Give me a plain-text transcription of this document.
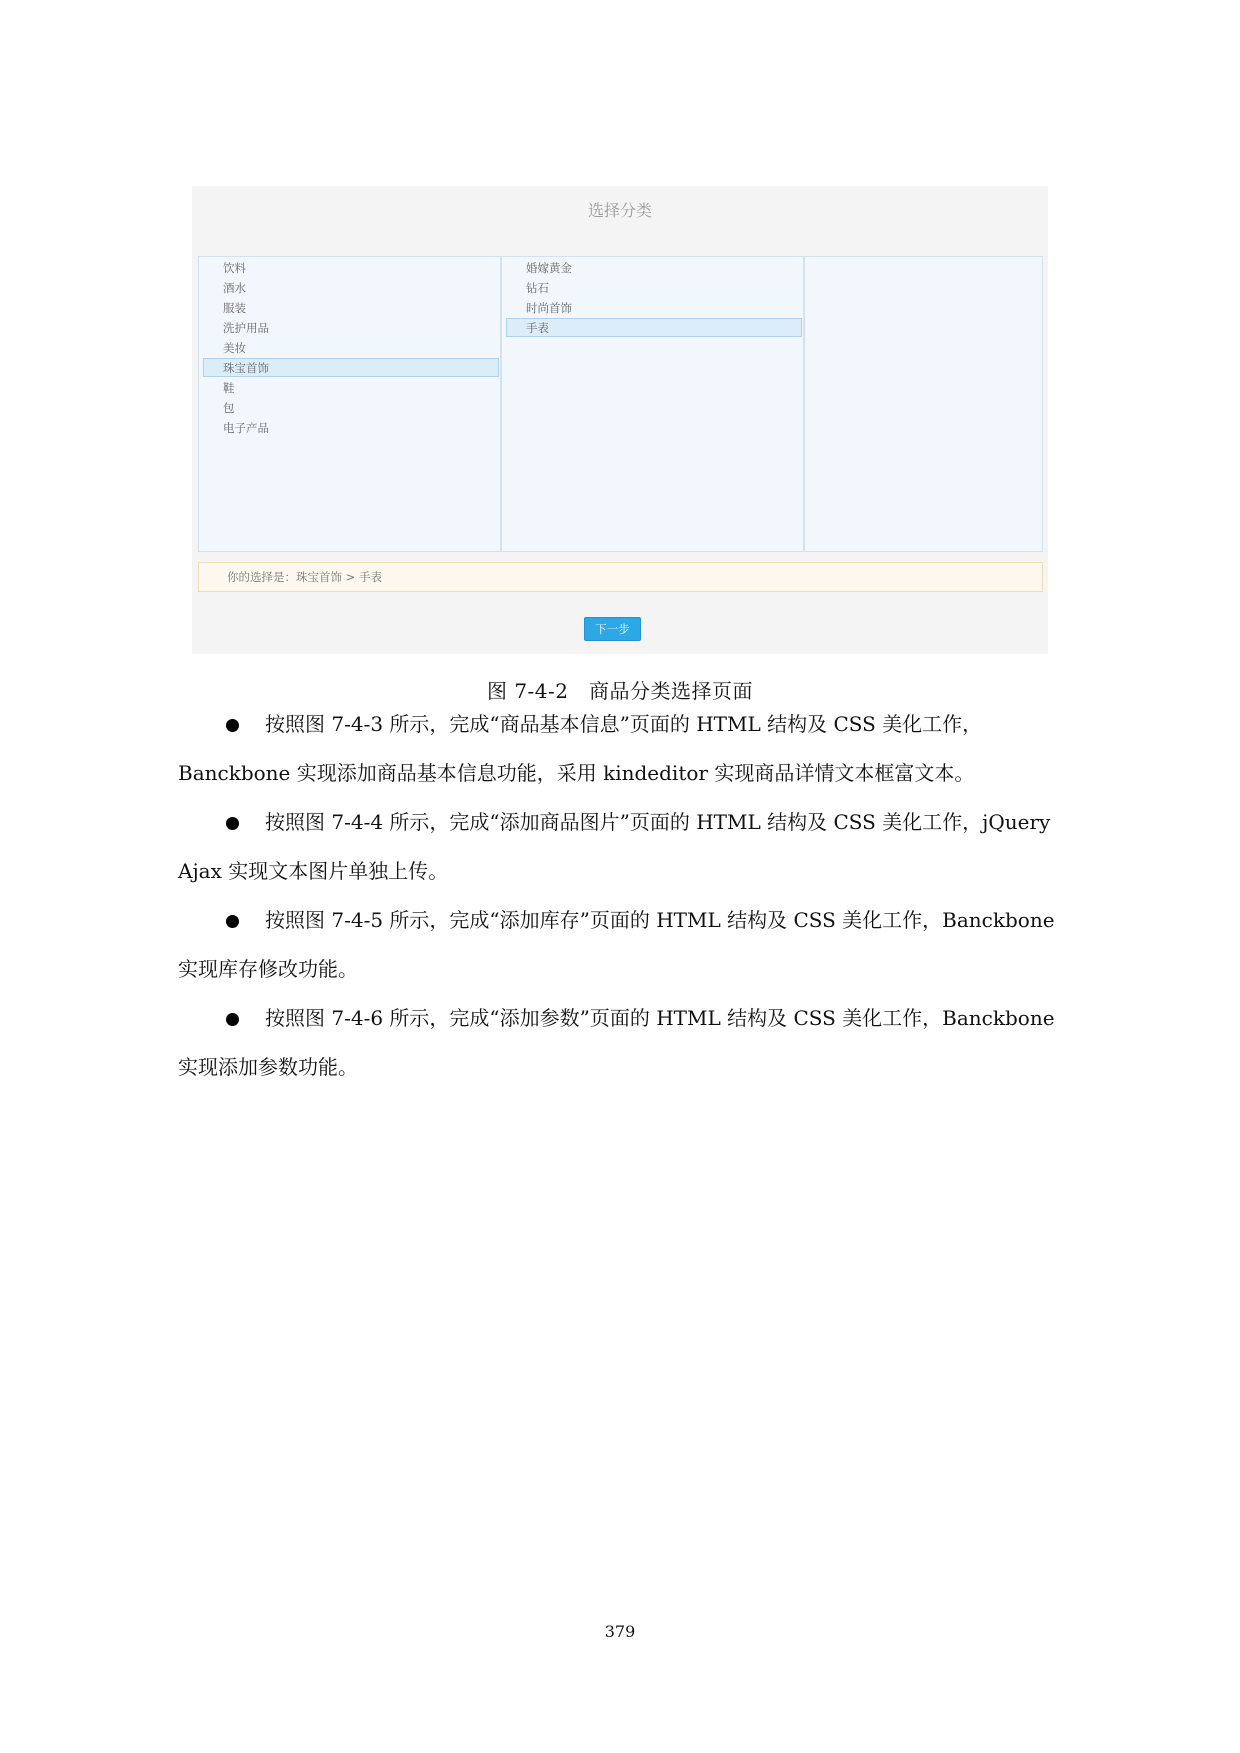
选择分类
饮料
酒水
服装
洗护用品
美妆
珠宝首饰
鞋
包
电子产品
婚嫁黄金
钻石
时尚首饰
手表
你的选择是：珠宝首饰 > 手表
下一步
图 7-4-2　商品分类选择页面
按照图 7-4-3 所示，完成“商品基本信息”页面的 HTML 结构及 CSS 美化工作，
Banckbone 实现添加商品基本信息功能，采用 kindeditor 实现商品详情文本框富文本。
按照图 7-4-4 所示，完成“添加商品图片”页面的 HTML 结构及 CSS 美化工作，jQuery
Ajax 实现文本图片单独上传。
按照图 7-4-5 所示，完成“添加库存”页面的 HTML 结构及 CSS 美化工作，Banckbone
实现库存修改功能。
按照图 7-4-6 所示，完成“添加参数”页面的 HTML 结构及 CSS 美化工作，Banckbone
实现添加参数功能。
379
